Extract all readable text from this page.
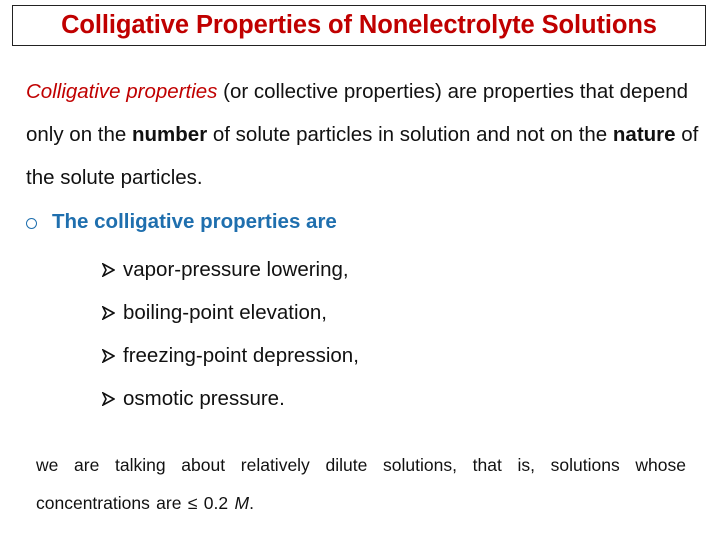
Colligative Properties of Nonelectrolyte Solutions
Colligative properties (or collective properties) are properties that depend only on the number of solute particles in solution and not on the nature of the solute particles.
The colligative properties are
vapor-pressure lowering,
boiling-point elevation,
freezing-point depression,
osmotic pressure.
we are talking about relatively dilute solutions, that is, solutions whose concentrations are ≤ 0.2 M.
